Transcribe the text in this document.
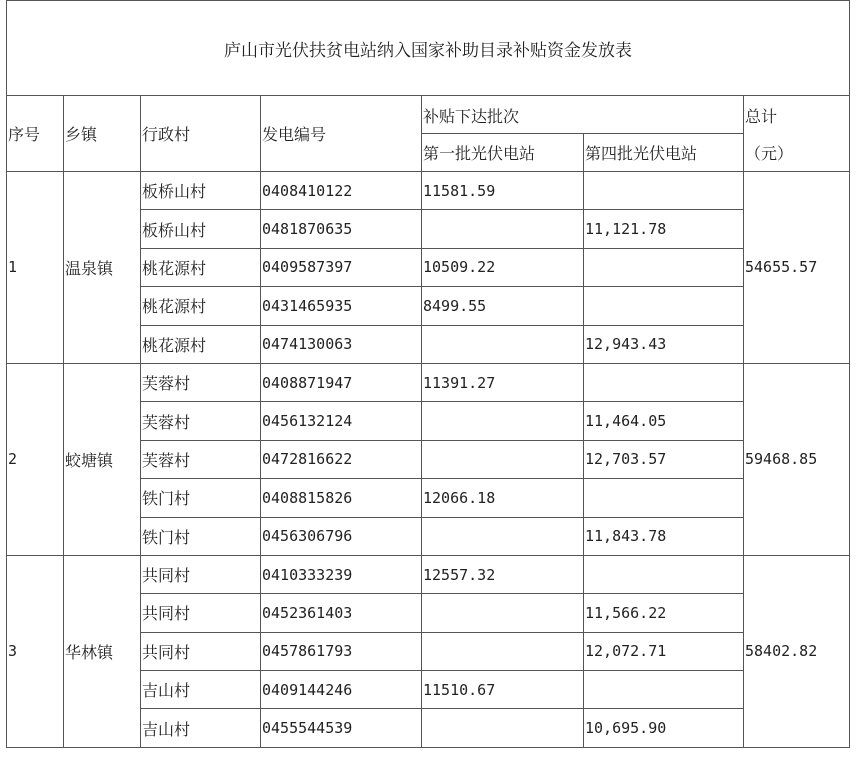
庐山市光伏扶贫电站纳入国家补助目录补贴资金发放表						
序号	乡镇	行政村	发电编号	补贴下达批次		总计
（元）

				第一批光伏电站	第四批光伏电站	
1	温泉镇	板桥山村	0408410122	11581.59		54655.57
		板桥山村	0481870635		11,121.78	
		桃花源村	0409587397	10509.22		
		桃花源村	0431465935	8499.55		
		桃花源村	0474130063		12,943.43	
2	蛟塘镇	芙蓉村	0408871947	11391.27		59468.85
		芙蓉村	0456132124		11,464.05	
		芙蓉村	0472816622		12,703.57	
		铁门村	0408815826	12066.18		
		铁门村	0456306796		11,843.78	
3	华林镇	共同村	0410333239	12557.32		58402.82
		共同村	0452361403		11,566.22	
		共同村	0457861793		12,072.71	
		吉山村	0409144246	11510.67		
		吉山村	0455544539		10,695.90	
